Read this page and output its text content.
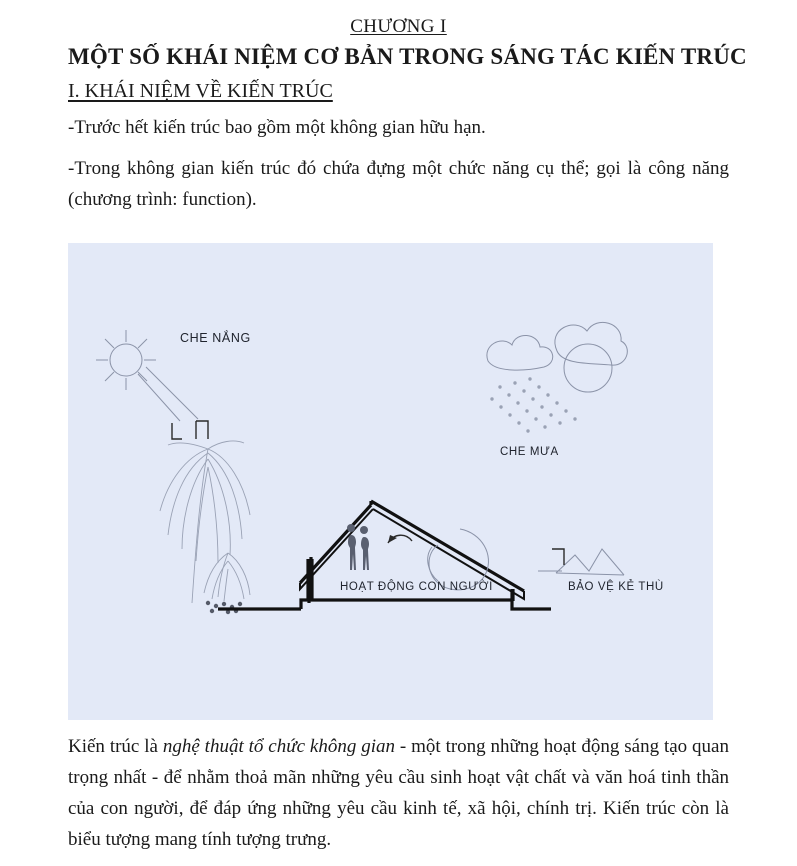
CHƯƠNG I
MỘT SỐ KHÁI NIỆM CƠ BẢN TRONG SÁNG TÁC KIẾN TRÚC
I. KHÁI NIỆM VỀ KIẾN TRÚC

-Trước hết kiến trúc bao gồm một không gian hữu hạn.

-Trong không gian kiến trúc đó chứa đựng một chức năng cụ thể; gọi là công năng (chương trình: function).

CHE NẮNG
CHE MƯA
HOẠT ĐỘNG CON NGƯỜI	BẢO VỆ KẺ THÙ
Kiến trúc là nghệ thuật tổ chức không gian - một trong những hoạt động sáng tạo quan trọng nhất - để nhằm thoả mãn những yêu cầu sinh hoạt vật chất và văn hoá tinh thần của con người, để đáp ứng những yêu cầu kinh tế, xã hội, chính trị. Kiến trúc còn là biểu tượng mang tính tượng trưng.
